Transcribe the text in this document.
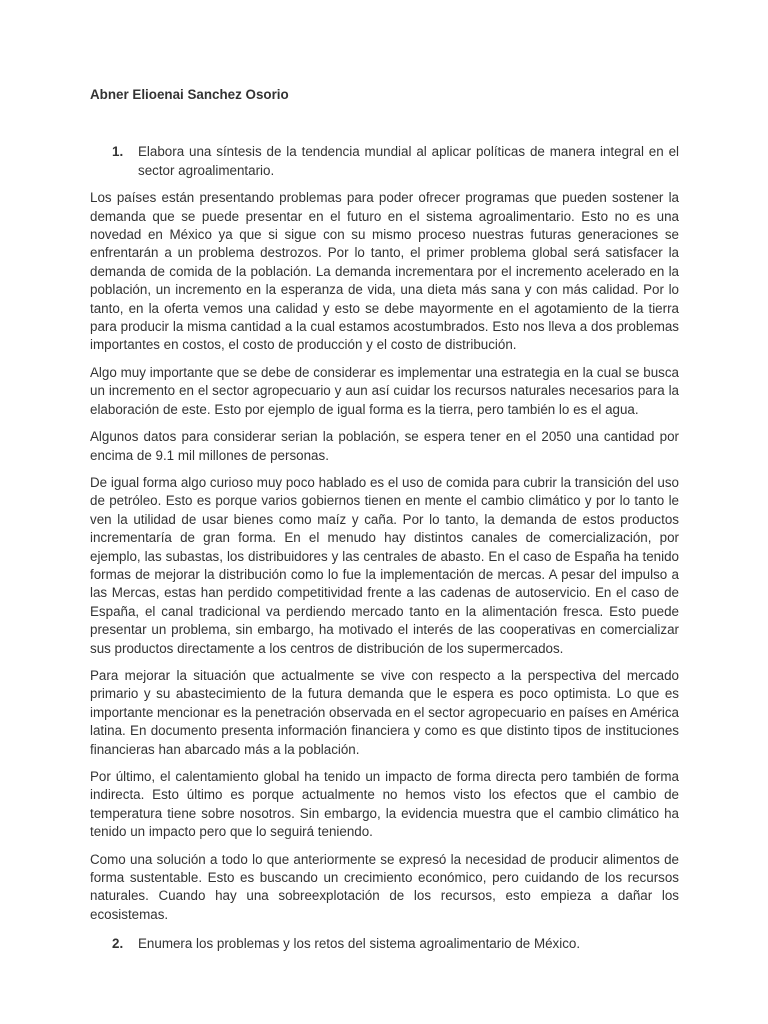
Abner Elioenai Sanchez Osorio

1.	Elabora una síntesis de la tendencia mundial al aplicar políticas de manera integral en el sector agroalimentario.

Los países están presentando problemas para poder ofrecer programas que pueden sostener la demanda que se puede presentar en el futuro en el sistema agroalimentario. Esto no es una novedad en México ya que si sigue con su mismo proceso nuestras futuras generaciones se enfrentarán a un problema destrozos. Por lo tanto, el primer problema global será satisfacer la demanda de comida de la población. La demanda incrementara por el incremento acelerado en la población, un incremento en la esperanza de vida, una dieta más sana y con más calidad. Por lo tanto, en la oferta vemos una calidad y esto se debe mayormente en el agotamiento de la tierra para producir la misma cantidad a la cual estamos acostumbrados. Esto nos lleva a dos problemas importantes en costos, el costo de producción y el costo de distribución.

Algo muy importante que se debe de considerar es implementar una estrategia en la cual se busca un incremento en el sector agropecuario y aun así cuidar los recursos naturales necesarios para la elaboración de este. Esto por ejemplo de igual forma es la tierra, pero también lo es el agua.

Algunos datos para considerar serian la población, se espera tener en el 2050 una cantidad por encima de 9.1 mil millones de personas.

De igual forma algo curioso muy poco hablado es el uso de comida para cubrir la transición del uso de petróleo. Esto es porque varios gobiernos tienen en mente el cambio climático y por lo tanto le ven la utilidad de usar bienes como maíz y caña. Por lo tanto, la demanda de estos productos incrementaría de gran forma. En el menudo hay distintos canales de comercialización, por ejemplo, las subastas, los distribuidores y las centrales de abasto. En el caso de España ha tenido formas de mejorar la distribución como lo fue la implementación de mercas. A pesar del impulso a las Mercas, estas han perdido competitividad frente a las cadenas de autoservicio. En el caso de España, el canal tradicional va perdiendo mercado tanto en la alimentación fresca. Esto puede presentar un problema, sin embargo, ha motivado el interés de las cooperativas en comercializar sus productos directamente a los centros de distribución de los supermercados.

Para mejorar la situación que actualmente se vive con respecto a la perspectiva del mercado primario y su abastecimiento de la futura demanda que le espera es poco optimista. Lo que es importante mencionar es la penetración observada en el sector agropecuario en países en América latina. En documento presenta información financiera y como es que distinto tipos de instituciones financieras han abarcado más a la población.

Por último, el calentamiento global ha tenido un impacto de forma directa pero también de forma indirecta. Esto último es porque actualmente no hemos visto los efectos que el cambio de temperatura tiene sobre nosotros. Sin embargo, la evidencia muestra que el cambio climático ha tenido un impacto pero que lo seguirá teniendo.

Como una solución a todo lo que anteriormente se expresó la necesidad de producir alimentos de forma sustentable. Esto es buscando un crecimiento económico, pero cuidando de los recursos naturales. Cuando hay una sobreexplotación de los recursos, esto empieza a dañar los ecosistemas.

2.	Enumera los problemas y los retos del sistema agroalimentario de México.
